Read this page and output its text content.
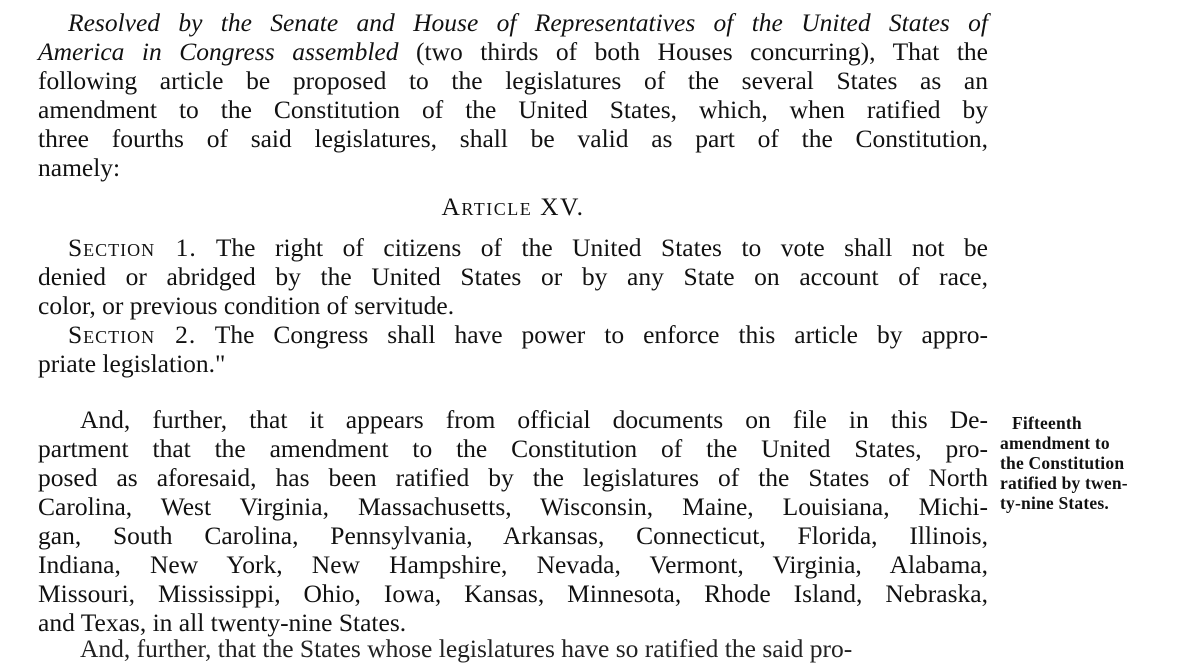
Resolved by the Senate and House of Representatives of the United States of
America in Congress assembled (two thirds of both Houses concurring), That the
following article be proposed to the legislatures of the several States as an
amendment to the Constitution of the United States, which, when ratified by
three fourths of said legislatures, shall be valid as part of the Constitution,
namely:
Article XV.
Section 1. The right of citizens of the United States to vote shall not be
denied or abridged by the United States or by any State on account of race,
color, or previous condition of servitude.
Section 2. The Congress shall have power to enforce this article by appro-
priate legislation."
And, further, that it appears from official documents on file in this De-
partment that the amendment to the Constitution of the United States, pro-
posed as aforesaid, has been ratified by the legislatures of the States of North
Carolina, West Virginia, Massachusetts, Wisconsin, Maine, Louisiana, Michi-
gan, South Carolina, Pennsylvania, Arkansas, Connecticut, Florida, Illinois,
Indiana, New York, New Hampshire, Nevada, Vermont, Virginia, Alabama,
Missouri, Mississippi, Ohio, Iowa, Kansas, Minnesota, Rhode Island, Nebraska,
and Texas, in all twenty-nine States.
And, further, that the States whose legislatures have so ratified the said pro-
Fifteenth
amendment to
the Constitution
ratified by twen-
ty-nine States.
